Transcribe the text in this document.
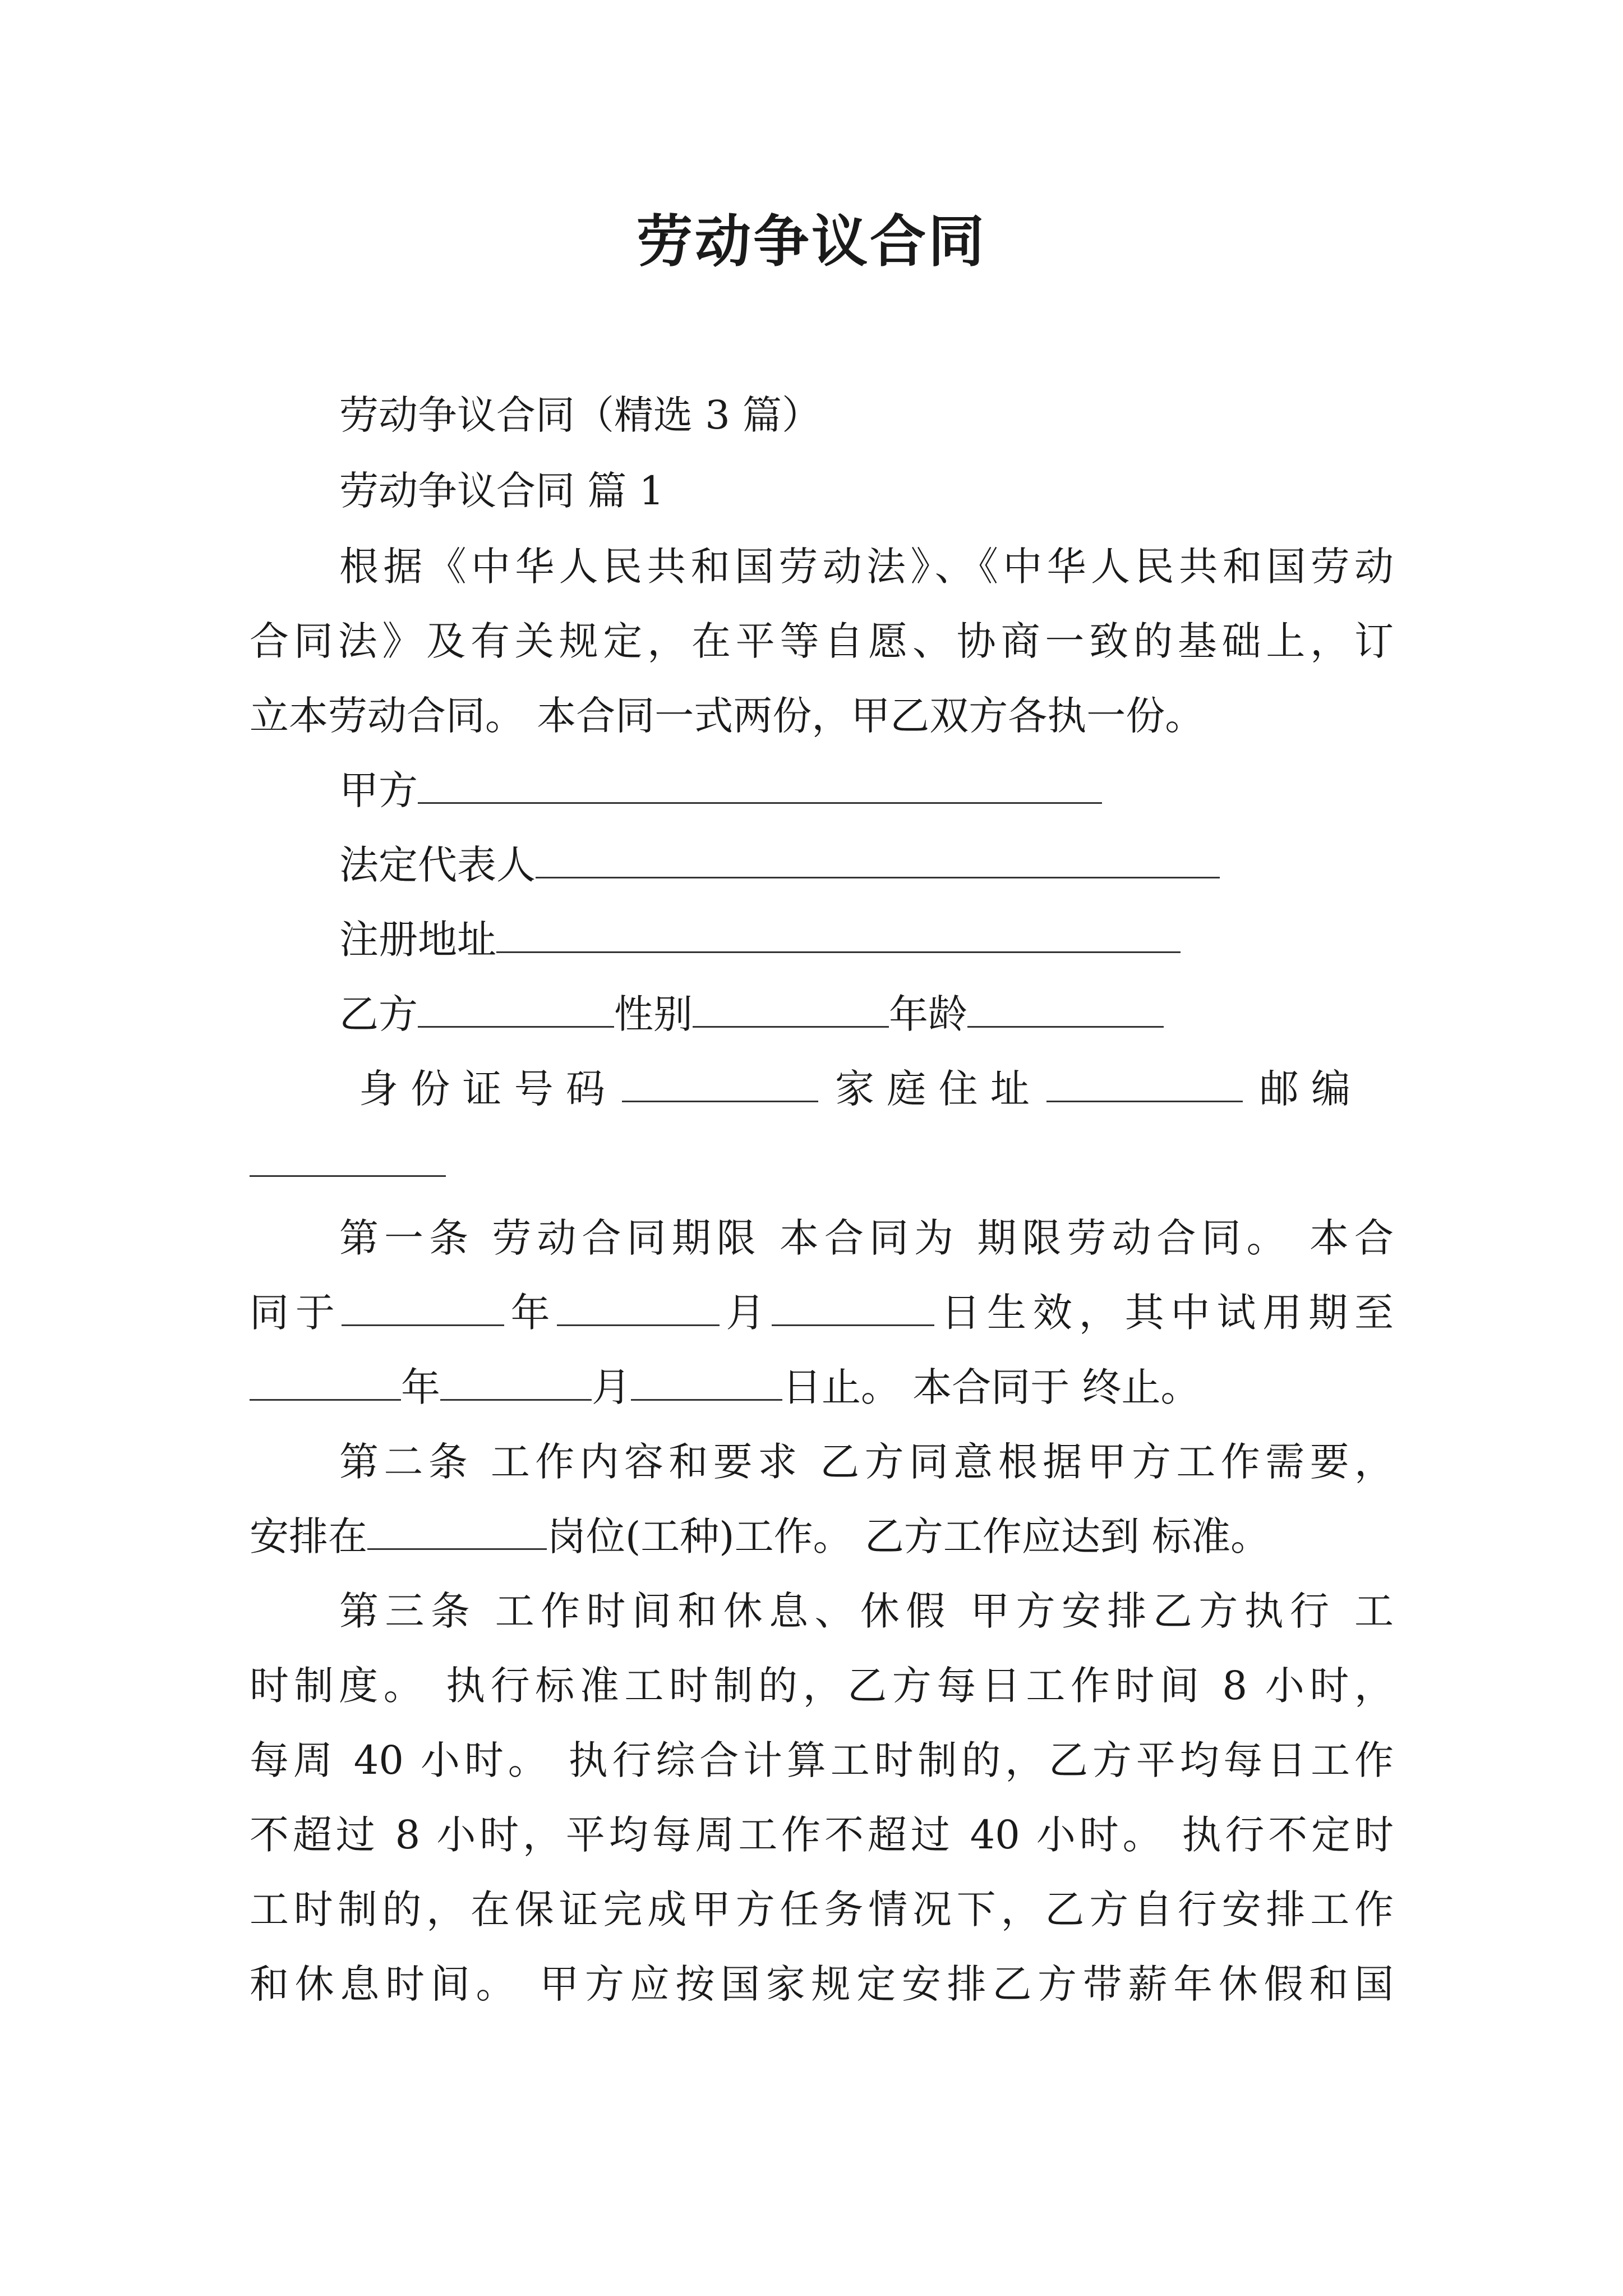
劳动争议合同
劳动争议合同（精选 3 篇）
劳动争议合同 篇 1
根据《中华人民共和国劳动法》、《中华人民共和国劳动
合同法》及有关规定，在平等自愿、协商一致的基础上，订
立本劳动合同。 本合同一式两份，甲乙双方各执一份。
甲方
法定代表人
注册地址
乙方	性别	年龄
身 份 证 号 码	家 庭 住 址	邮 编
第一条 劳动合同期限 本合同为 期限劳动合同。 本合
同于	年	月	日生效，其中试用期至
年	月	日止。 本合同于 终止。
第二条 工作内容和要求 乙方同意根据甲方工作需要，
安排在	岗位(工种)工作。 乙方工作应达到 标准。
第三条 工作时间和休息、休假 甲方安排乙方执行 工
时制度。 执行标准工时制的，乙方每日工作时间 8 小时，
每周 40 小时。 执行综合计算工时制的，乙方平均每日工作
不超过 8 小时，平均每周工作不超过 40 小时。 执行不定时
工时制的，在保证完成甲方任务情况下，乙方自行安排工作
和休息时间。 甲方应按国家规定安排乙方带薪年休假和国
